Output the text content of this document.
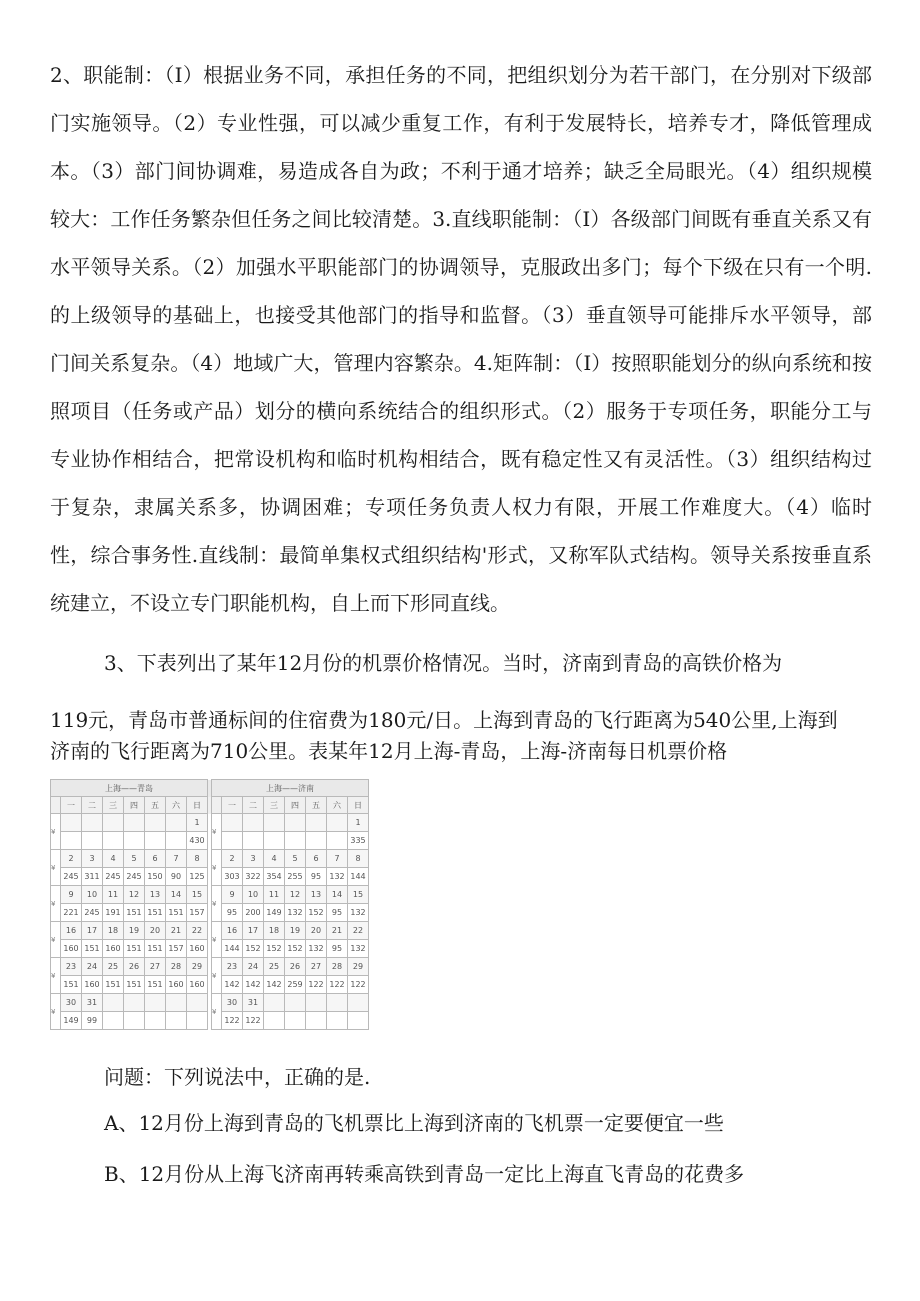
2、职能制：（Ⅰ）根据业务不同，承担任务的不同，把组织划分为若干部门，在分别对下级部门实施领导。（2）专业性强，可以减少重复工作，有利于发展特长，培养专才，降低管理成本。（3）部门间协调难，易造成各自为政；不利于通才培养；缺乏全局眼光。（4）组织规模较大：工作任务繁杂但任务之间比较清楚。3.直线职能制：（Ⅰ）各级部门间既有垂直关系又有水平领导关系。（2）加强水平职能部门的协调领导，克服政出多门；每个下级在只有一个明.的上级领导的基础上，也接受其他部门的指导和监督。（3）垂直领导可能排斥水平领导，部门间关系复杂。（4）地域广大，管理内容繁杂。4.矩阵制：（Ⅰ）按照职能划分的纵向系统和按照项目（任务或产品）划分的横向系统结合的组织形式。（2）服务于专项任务，职能分工与专业协作相结合，把常设机构和临时机构相结合，既有稳定性又有灵活性。（3）组织结构过于复杂，隶属关系多，协调困难；专项任务负责人权力有限，开展工作难度大。（4）临时性，综合事务性.直线制：最简单集权式组织结构'形式，又称军队式结构。领导关系按垂直系统建立，不设立专门职能机构，自上而下形同直线。

3、下表列出了某年12月份的机票价格情况。当时，济南到青岛的高铁价格为

119元，青岛市普通标间的住宿费为180元/日。上海到青岛的飞行距离为540公里,上海到

济南的飞行距离为710公里。表某年12月上海-青岛，上海-济南每日机票价格

上海——青岛									上海——济南							
	一	二	三	四	五	六	日			一	二	三	四	五	六	日
¥							1		¥							1
							430									335
¥	2	3	4	5	6	7	8		¥	2	3	4	5	6	7	8
	245	311	245	245	150	90	125			303	322	354	255	95	132	144
¥	9	10	11	12	13	14	15		¥	9	10	11	12	13	14	15
	221	245	191	151	151	151	157			95	200	149	132	152	95	132
¥	16	17	18	19	20	21	22		¥	16	17	18	19	20	21	22
	160	151	160	151	151	157	160			144	152	152	152	132	95	132
¥	23	24	25	26	27	28	29		¥	23	24	25	26	27	28	29
	151	160	151	151	151	160	160			142	142	142	259	122	122	122
¥	30	31							¥	30	31					
	149	99								122	122					

问题：下列说法中，正确的是.

A、12月份上海到青岛的飞机票比上海到济南的飞机票一定要便宜一些

B、12月份从上海飞济南再转乘高铁到青岛一定比上海直飞青岛的花费多
